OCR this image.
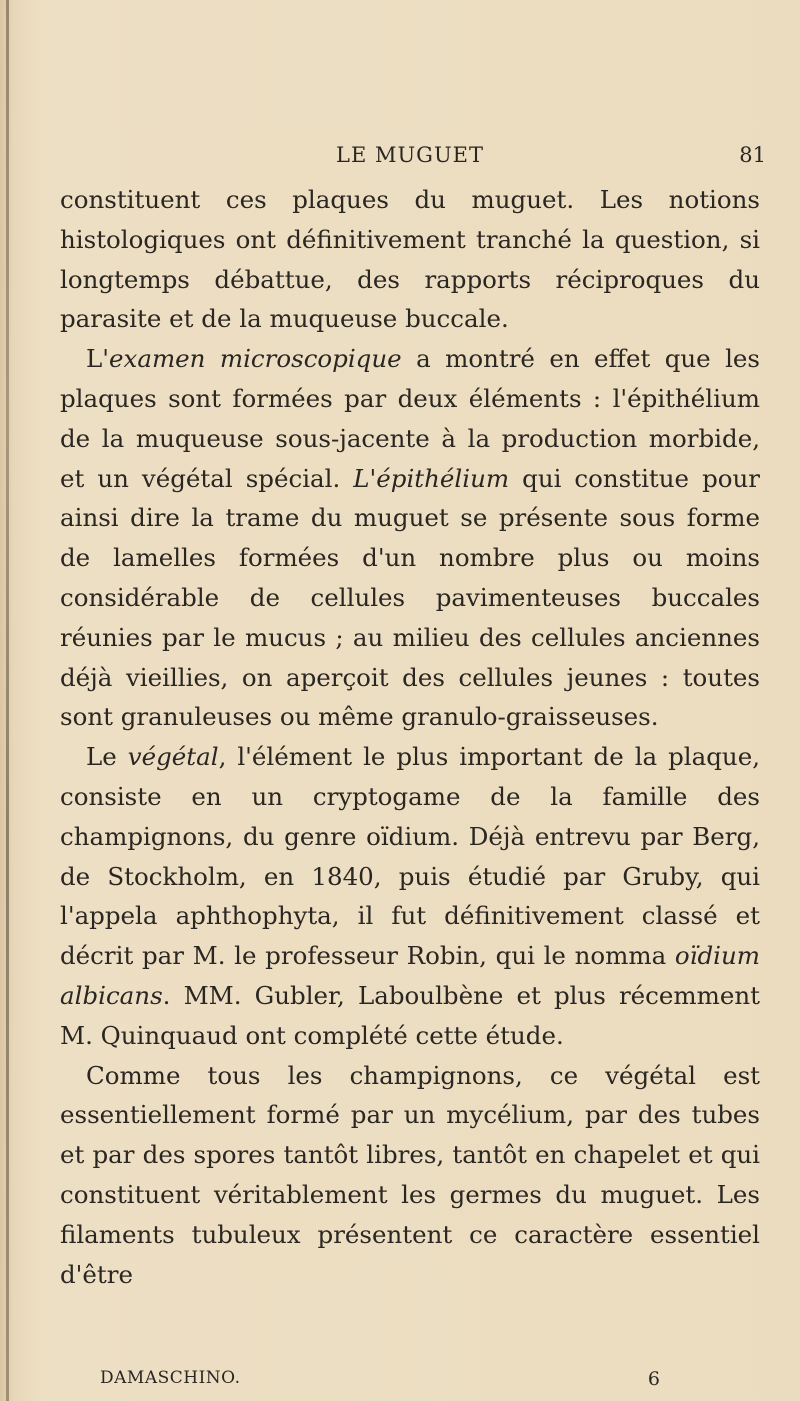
LE MUGUET	81

constituent ces plaques du muguet. Les notions histologiques ont définitivement tranché la question, si longtemps débattue, des rapports réciproques du parasite et de la muqueuse buccale.

L'examen microscopique a montré en effet que les plaques sont formées par deux éléments : l'épithélium de la muqueuse sous-jacente à la production morbide, et un végétal spécial. L'épithélium qui constitue pour ainsi dire la trame du muguet se présente sous forme de lamelles formées d'un nombre plus ou moins considérable de cellules pavimenteuses buccales réunies par le mucus ; au milieu des cellules anciennes déjà vieillies, on aperçoit des cellules jeunes : toutes sont granuleuses ou même granulo-graisseuses.

Le végétal, l'élément le plus important de la plaque, consiste en un cryptogame de la famille des champignons, du genre oïdium. Déjà entrevu par Berg, de Stockholm, en 1840, puis étudié par Gruby, qui l'appela aphthophyta, il fut définitivement classé et décrit par M. le professeur Robin, qui le nomma oïdium albicans. MM. Gubler, Laboulbène et plus récemment M. Quinquaud ont complété cette étude.

Comme tous les champignons, ce végétal est essentiellement formé par un mycélium, par des tubes et par des spores tantôt libres, tantôt en chapelet et qui constituent véritablement les germes du muguet. Les filaments tubuleux présentent ce caractère essentiel d'être

DAMASCHINO.	6
